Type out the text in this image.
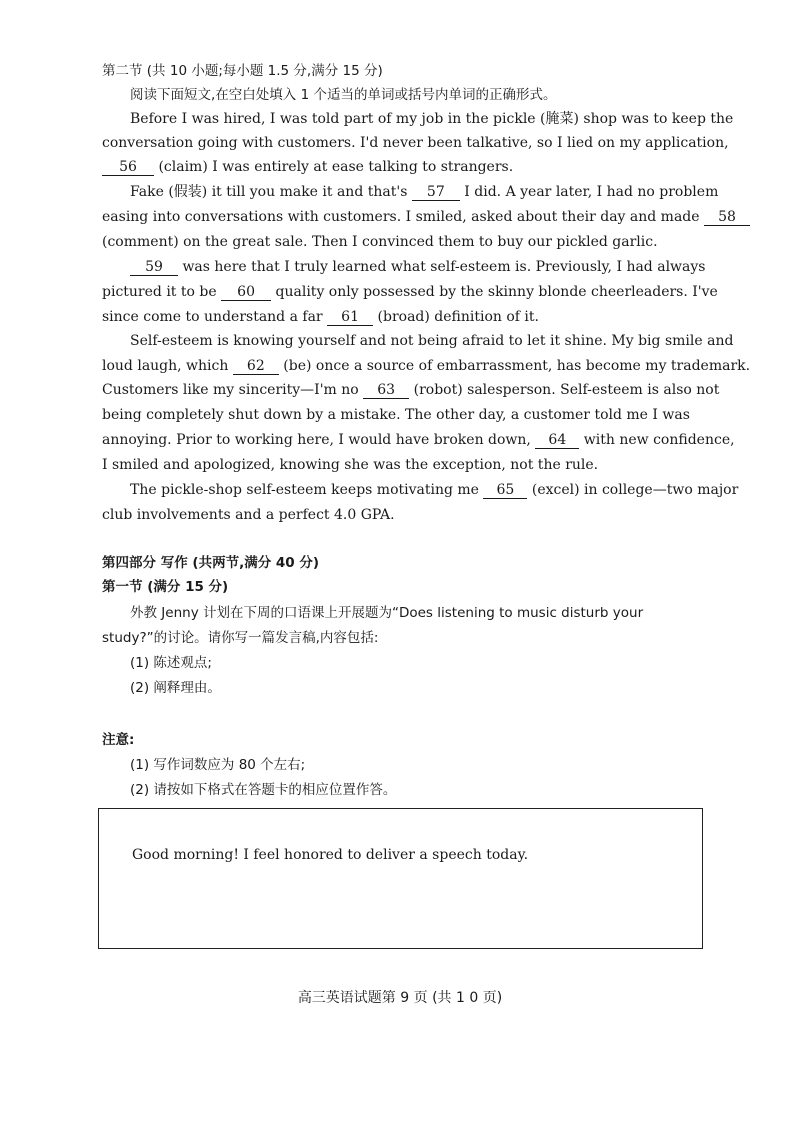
第二节 (共 10 小题;每小题 1.5 分,满分 15 分)
阅读下面短文,在空白处填入 1 个适当的单词或括号内单词的正确形式。
Before I was hired, I was told part of my job in the pickle (腌菜) shop was to keep the
conversation going with customers. I'd never been talkative, so I lied on my application,
56 (claim) I was entirely at ease talking to strangers.
Fake (假装) it till you make it and that's 57 I did. A year later, I had no problem
easing into conversations with customers. I smiled, asked about their day and made 58
(comment) on the great sale. Then I convinced them to buy our pickled garlic.
59 was here that I truly learned what self-esteem is. Previously, I had always
pictured it to be 60 quality only possessed by the skinny blonde cheerleaders. I've
since come to understand a far 61 (broad) definition of it.
Self-esteem is knowing yourself and not being afraid to let it shine. My big smile and
loud laugh, which 62 (be) once a source of embarrassment, has become my trademark.
Customers like my sincerity—I'm no 63 (robot) salesperson. Self-esteem is also not
being completely shut down by a mistake. The other day, a customer told me I was
annoying. Prior to working here, I would have broken down, 64 with new confidence,
I smiled and apologized, knowing she was the exception, not the rule.
The pickle-shop self-esteem keeps motivating me 65 (excel) in college—two major
club involvements and a perfect 4.0 GPA.
第四部分 写作 (共两节,满分 40 分)
第一节 (满分 15 分)
外教 Jenny 计划在下周的口语课上开展题为“Does listening to music disturb your
study?”的讨论。请你写一篇发言稿,内容包括:
(1) 陈述观点;
(2) 阐释理由。
注意:
(1) 写作词数应为 80 个左右;
(2) 请按如下格式在答题卡的相应位置作答。
Good morning! I feel honored to deliver a speech today.
高三英语试题第 9 页 (共 1 0 页)
